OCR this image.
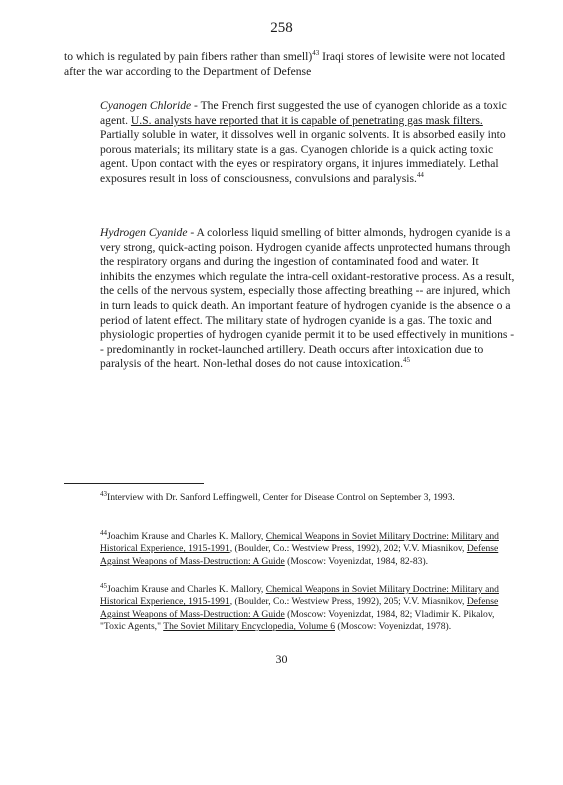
258

to which is regulated by pain fibers rather than smell)$^{43}$ Iraqi stores of lewisite were not located after the war according to the Department of Defense

Cyanogen Chloride - The French first suggested the use of cyanogen chloride as a toxic agent. U.S. analysts have reported that it is capable of penetrating gas mask filters. Partially soluble in water, it dissolves well in organic solvents. It is absorbed easily into porous materials; its military state is a gas. Cyanogen chloride is a quick acting toxic agent. Upon contact with the eyes or respiratory organs, it injures immediately. Lethal exposures result in loss of consciousness, convulsions and paralysis.$^{44}$

Hydrogen Cyanide - A colorless liquid smelling of bitter almonds, hydrogen cyanide is a very strong, quick-acting poison. Hydrogen cyanide affects unprotected humans through the respiratory organs and during the ingestion of contaminated food and water. It inhibits the enzymes which regulate the intra-cell oxidant-restorative process. As a result, the cells of the nervous system, especially those affecting breathing -- are injured, which in turn leads to quick death. An important feature of hydrogen cyanide is the absence o a period of latent effect. The military state of hydrogen cyanide is a gas. The toxic and physiologic properties of hydrogen cyanide permit it to be used effectively in munitions -- predominantly in rocket-launched artillery. Death occurs after intoxication due to paralysis of the heart. Non-lethal doses do not cause intoxication.$^{45}$

$^{43}$Interview with Dr. Sanford Leffingwell, Center for Disease Control on September 3, 1993.

$^{44}$Joachim Krause and Charles K. Mallory, Chemical Weapons in Soviet Military Doctrine: Military and Historical Experience, 1915-1991, (Boulder, Co.: Westview Press, 1992), 202; V.V. Miasnikov, Defense Against Weapons of Mass-Destruction: A Guide (Moscow: Voyenizdat, 1984, 82-83).

$^{45}$Joachim Krause and Charles K. Mallory, Chemical Weapons in Soviet Military Doctrine: Military and Historical Experience, 1915-1991, (Boulder, Co.: Westview Press, 1992), 205; V.V. Miasnikov, Defense Against Weapons of Mass-Destruction: A Guide (Moscow: Voyenizdat, 1984, 82; Vladimir K. Pikalov, "Toxic Agents," The Soviet Military Encyclopedia, Volume 6 (Moscow: Voyenizdat, 1978).

30
